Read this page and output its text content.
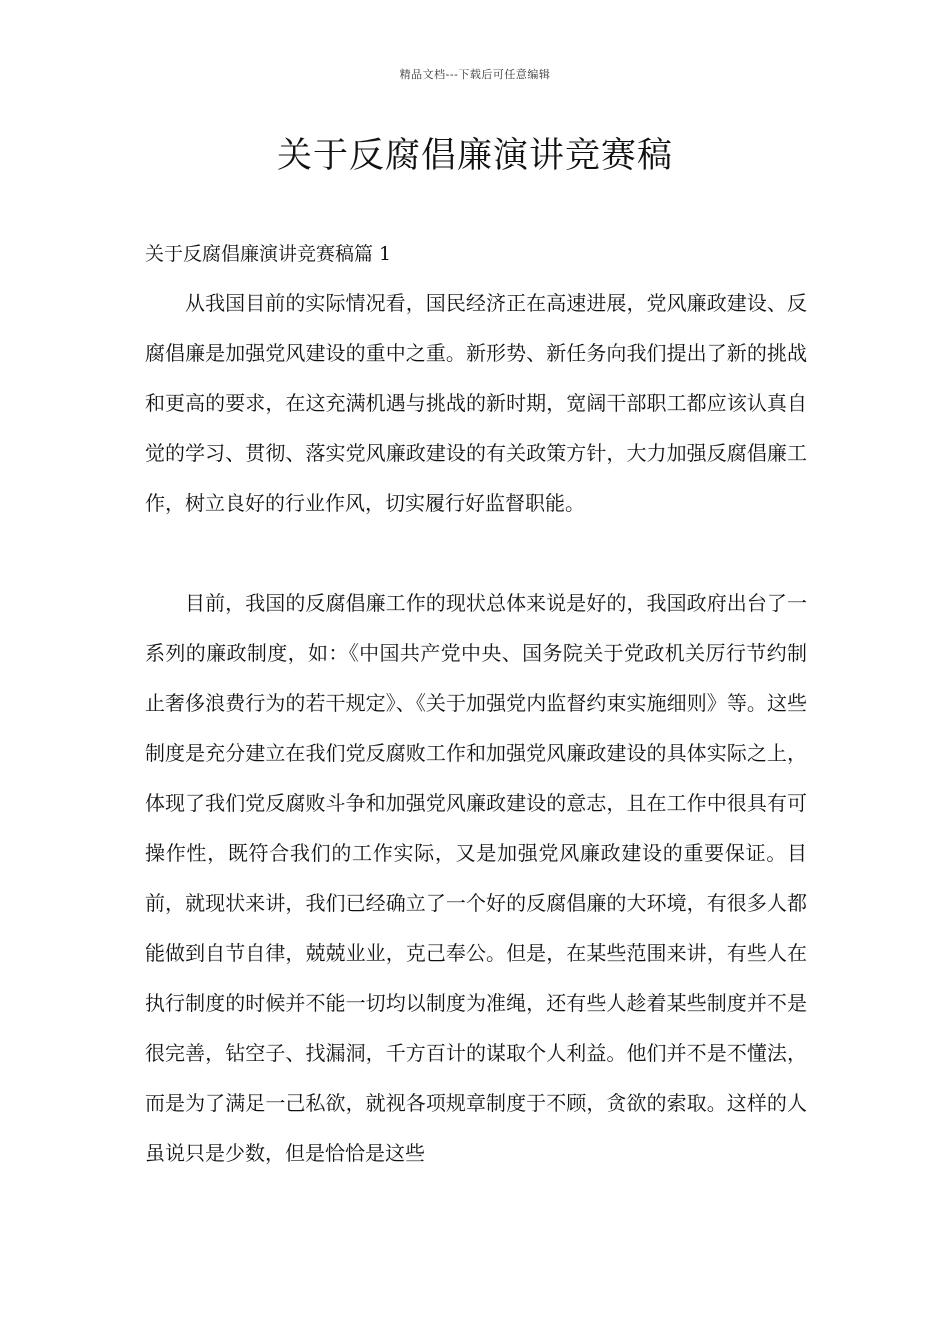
精品文档---下载后可任意编辑
关于反腐倡廉演讲竞赛稿
关于反腐倡廉演讲竞赛稿篇 1

从我国目前的实际情况看，国民经济正在高速进展，党风廉政建设、反腐倡廉是加强党风建设的重中之重。新形势、新任务向我们提出了新的挑战和更高的要求，在这充满机遇与挑战的新时期，宽阔干部职工都应该认真自觉的学习、贯彻、落实党风廉政建设的有关政策方针，大力加强反腐倡廉工作，树立良好的行业作风，切实履行好监督职能。

目前，我国的反腐倡廉工作的现状总体来说是好的，我国政府出台了一系列的廉政制度，如：《中国共产党中央、国务院关于党政机关厉行节约制止奢侈浪费行为的若干规定》、《关于加强党内监督约束实施细则》等。这些制度是充分建立在我们党反腐败工作和加强党风廉政建设的具体实际之上，体现了我们党反腐败斗争和加强党风廉政建设的意志，且在工作中很具有可操作性，既符合我们的工作实际，又是加强党风廉政建设的重要保证。目前，就现状来讲，我们已经确立了一个好的反腐倡廉的大环境，有很多人都能做到自节自律，兢兢业业，克己奉公。但是，在某些范围来讲，有些人在执行制度的时候并不能一切均以制度为准绳，还有些人趁着某些制度并不是很完善，钻空子、找漏洞，千方百计的谋取个人利益。他们并不是不懂法，而是为了满足一己私欲，就视各项规章制度于不顾，贪欲的索取。这样的人虽说只是少数，但是恰恰是这些
